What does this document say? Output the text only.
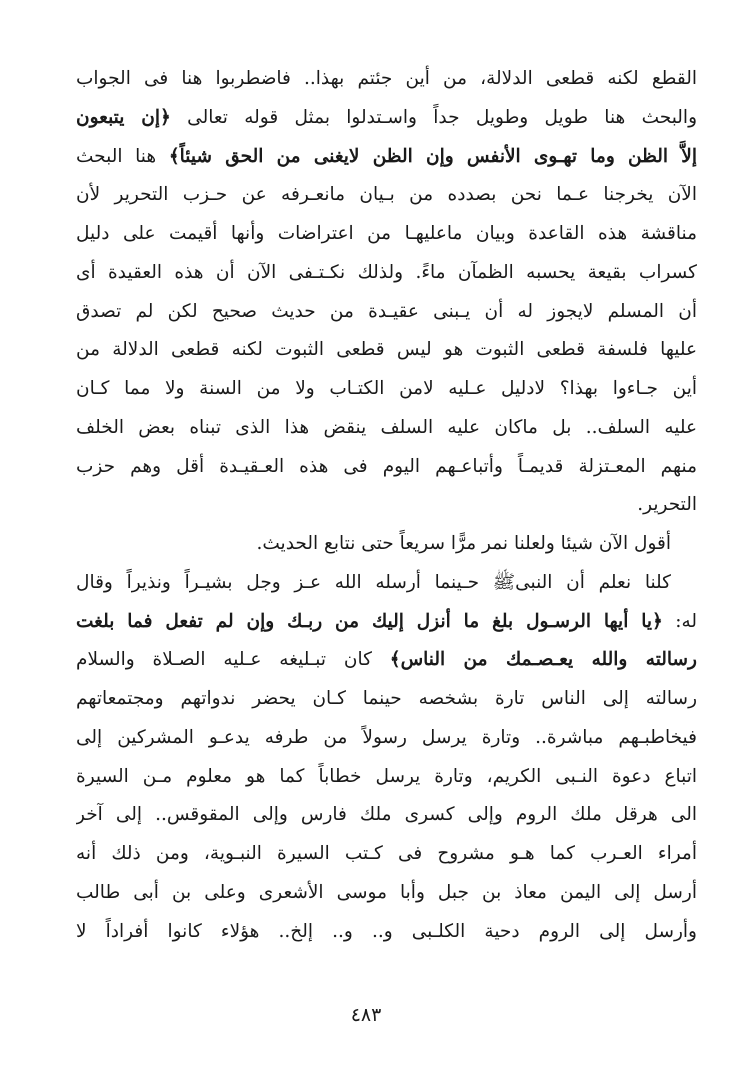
القطع لكنه قطعى الدلالة، من أين جئتم بهذا.. فاضطربوا هنا فى الجواب
والبحث هنا طويل وطويل جداً واسـتدلوا بمثل قوله تعالى ﴿إن يتبعون
إلاَّ الظن وما تهـوى الأنفس وإن الظن لايغنى من الحق شيئاً﴾ هنا البحث
الآن يخرجنا عـما نحن بصدده من بـيان مانعـرفه عن حـزب التحرير لأن
مناقشة هذه القاعدة وبيان ماعليهـا من اعتراضات وأنها أقيمت على دليل
كسراب بقيعة يحسبه الظمآن ماءً. ولذلك نكـتـفى الآن أن هذه العقيدة أى
أن المسلم لايجوز له أن يـبنى عقيـدة من حديث صحيح لكن لم تصدق
عليها فلسفة قطعى الثبوت هو ليس قطعى الثبوت لكنه قطعى الدلالة من
أين جـاءوا بهذا؟ لادليل عـليه لامن الكتـاب ولا من السنة ولا مما كـان
عليه السلف.. بل ماكان عليه السلف ينقض هذا الذى تبناه بعض الخلف
منهم المعـتزلة قديمـاً وأتباعـهم اليوم فى هذه العـقيـدة أقل وهم حزب
التحرير.
أقول الآن شيئا ولعلنا نمر مرًّا سريعاً حتى نتابع الحديث.
كلنا نعلم أن النبىﷺ حـينما أرسله الله عـز وجل بشيـراً ونذيراً وقال
له: ﴿يا أيها الرسـول بلغ ما أنزل إليك من ربـك وإن لم تفعل فما بلغت
رسالته والله يعـصـمك من الناس﴾ كان تبـليغه عـليه الصـلاة والسلام
رسالته إلى الناس تارة بشخصه حينما كـان يحضر ندواتهم ومجتمعاتهم
فيخاطبـهم مباشرة.. وتارة يرسل رسولاً من طرفه يدعـو المشركين إلى
اتباع دعوة النـبى الكريم، وتارة يرسل خطاباً كما هو معلوم مـن السيرة
الى هرقل ملك الروم وإلى كسرى ملك فارس وإلى المقوقس.. إلى آخر
أمراء العـرب كما هـو مشروح فى كـتب السيرة النبـوية، ومن ذلك أنه
أرسل إلى اليمن معاذ بن جبل وأبا موسى الأشعرى وعلى بن أبى طالب
وأرسل إلى الروم دحية الكلـبى و.. و.. إلخ.. هؤلاء كانوا أفراداً لا
٤٨٣
